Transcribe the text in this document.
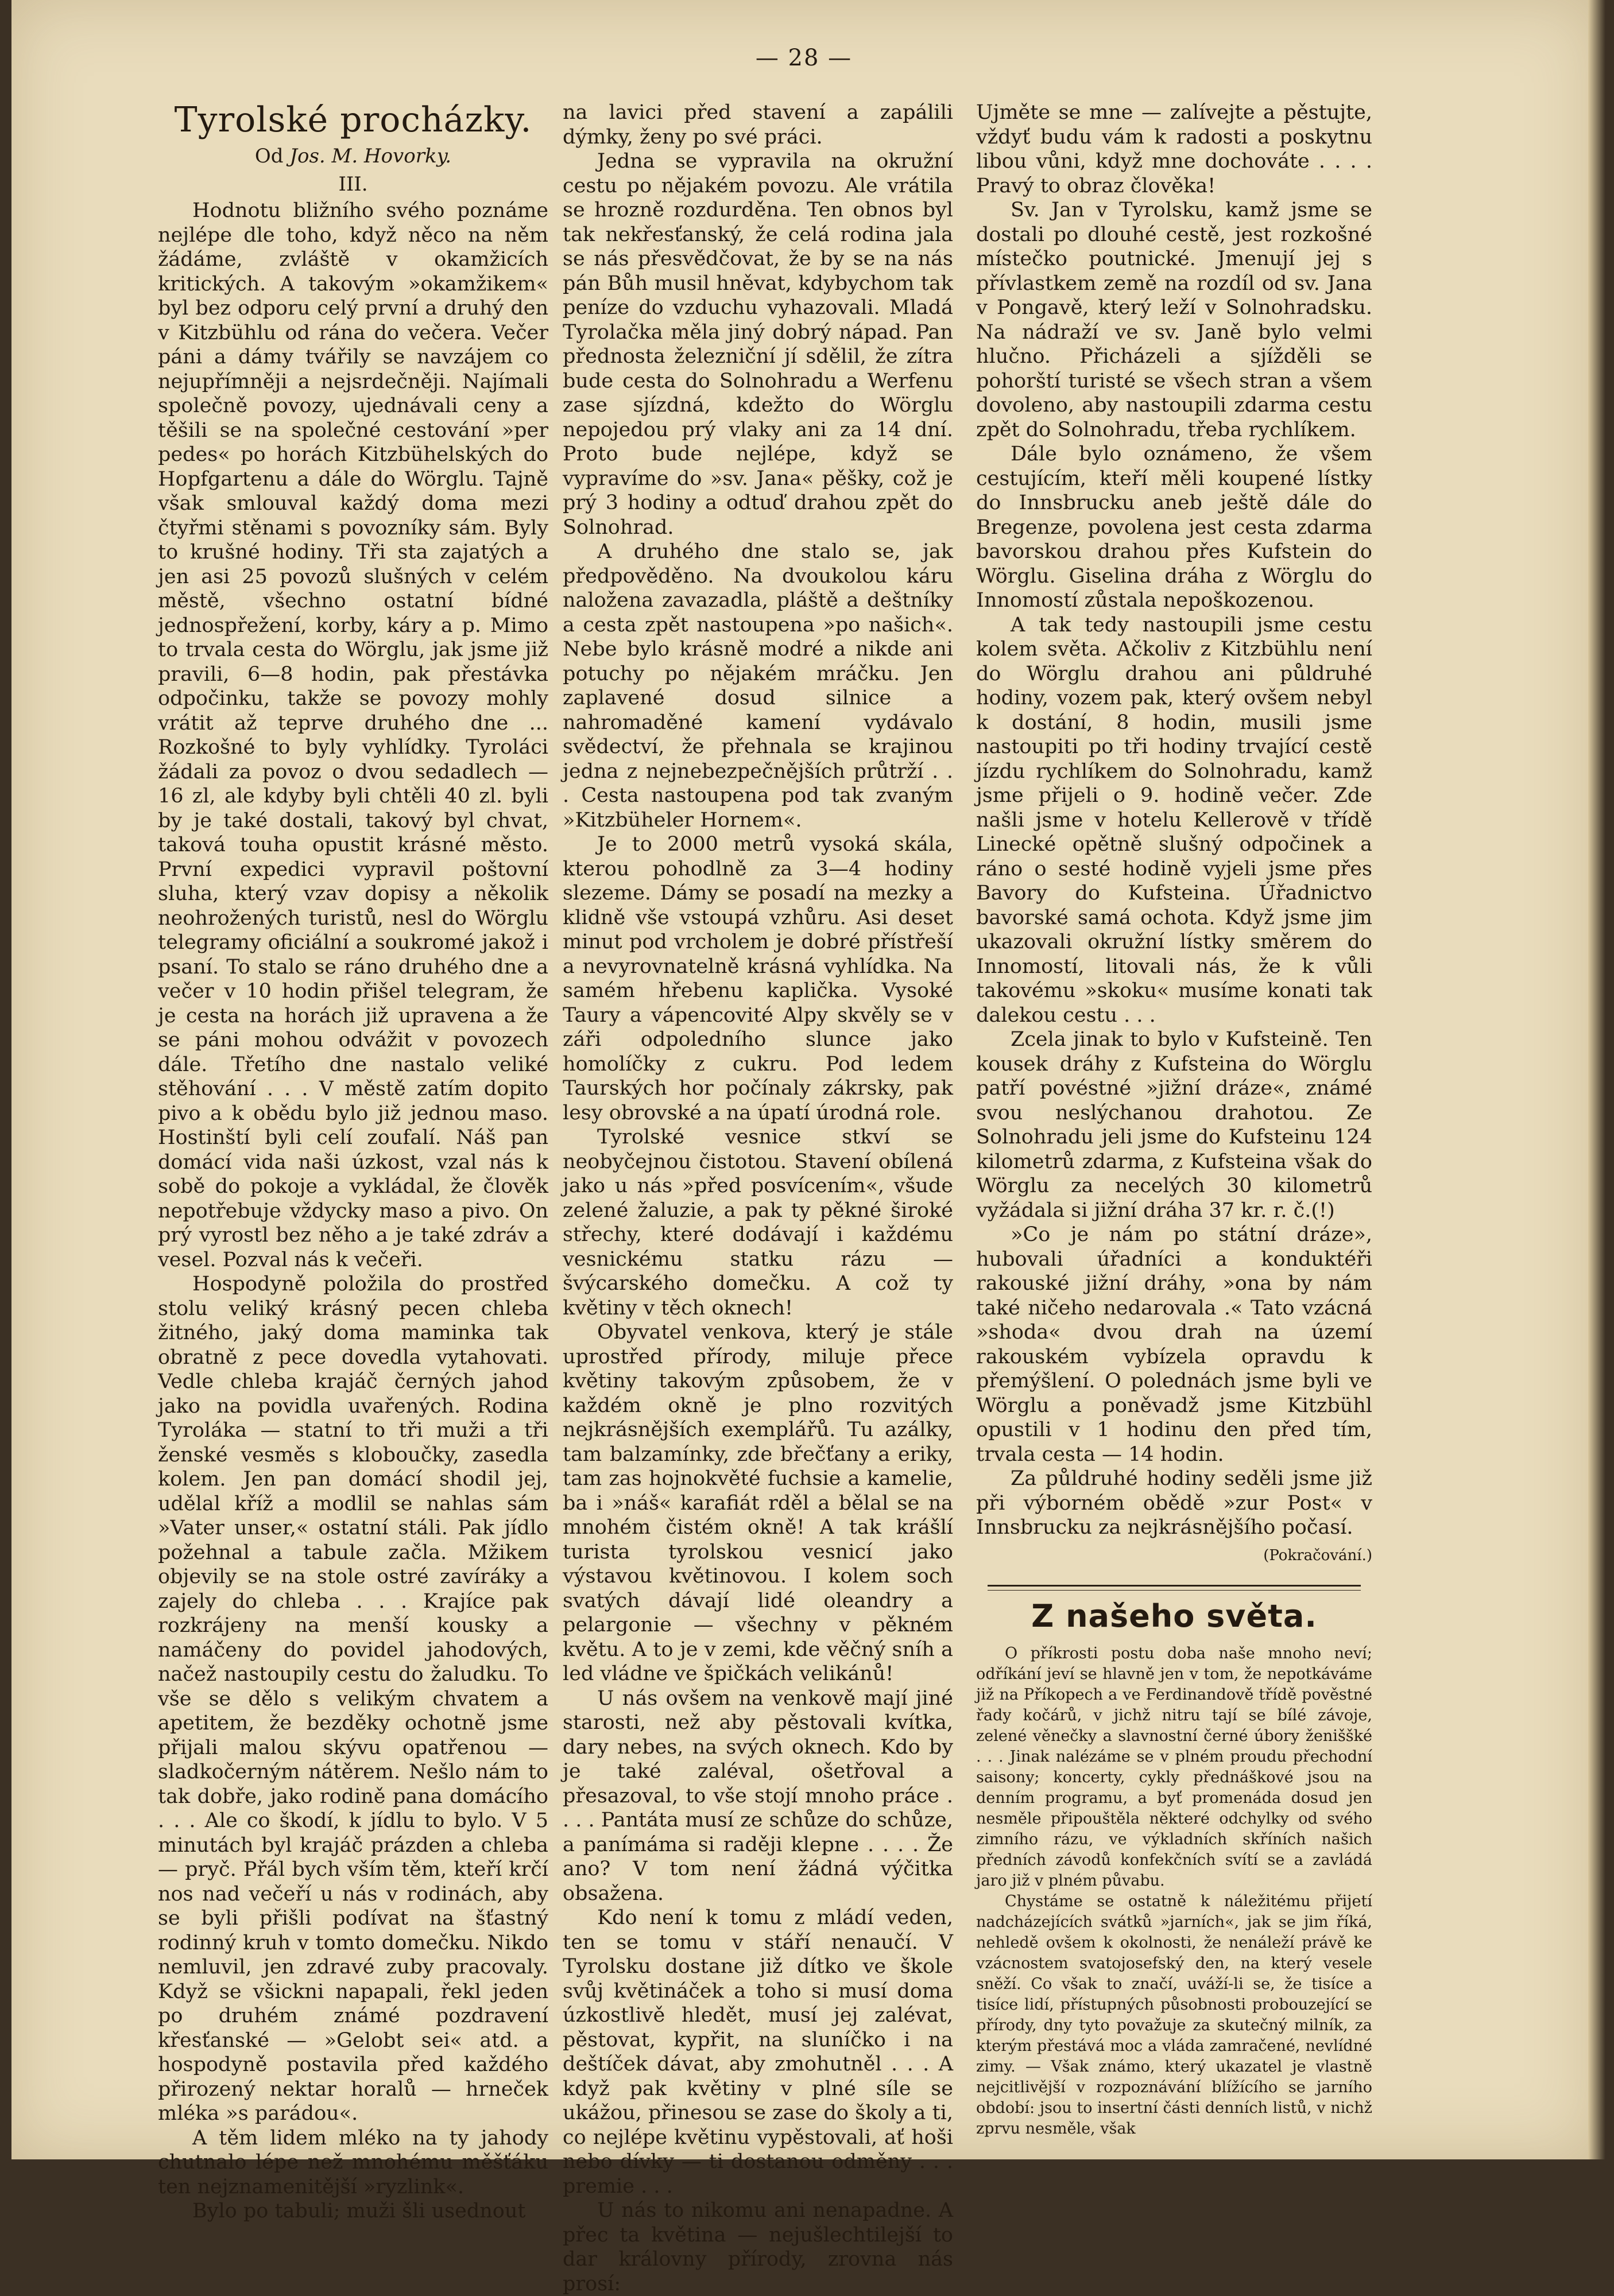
— 28 —
Tyrolské procházky.
Od Jos. M. Hovorky.
III.

Hodnotu bližního svého poznáme nejlépe dle toho, když něco na něm žádáme, zvláště v okamžicích kritických. A takovým »okamžikem« byl bez odporu celý první a druhý den v Kitzbühlu od rána do večera. Večer páni a dámy tvářily se navzájem co nejupřímněji a nejsrdečněji. Najímali společně povozy, ujednávali ceny a těšili se na společné cestování »per pedes« po horách Kitzbühelských do Hopfgartenu a dále do Wörglu. Tajně však smlouval každý doma mezi čtyřmi stěnami s povozníky sám. Byly to krušné hodiny. Tři sta zajatých a jen asi 25 povozů slušných v celém městě, všechno ostatní bídné jednospřežení, korby, káry a p. Mimo to trvala cesta do Wörglu, jak jsme již pravili, 6—8 hodin, pak přestávka odpočinku, takže se povozy mohly vrátit až teprve druhého dne ... Rozkošné to byly vyhlídky. Tyroláci žádali za povoz o dvou sedadlech — 16 zl, ale kdyby byli chtěli 40 zl. byli by je také dostali, takový byl chvat, taková touha opustit krásné město. První expedici vypravil poštovní sluha, který vzav dopisy a několik neohrožených turistů, nesl do Wörglu telegramy oficiální a soukromé jakož i psaní. To stalo se ráno druhého dne a večer v 10 hodin přišel telegram, že je cesta na horách již upravena a že se páni mohou odvážit v povozech dále. Třetího dne nastalo veliké stěhování . . . V městě zatím dopito pivo a k obědu bylo již jednou maso. Hostinští byli celí zoufalí. Náš pan domácí vida naši úzkost, vzal nás k sobě do pokoje a vykládal, že člověk nepotřebuje vždycky maso a pivo. On prý vyrostl bez něho a je také zdráv a vesel. Pozval nás k večeři.

Hospodyně položila do prostřed stolu veliký krásný pecen chleba žitného, jaký doma maminka tak obratně z pece dovedla vytahovati. Vedle chleba krajáč černých jahod jako na povidla uvařených. Rodina Tyroláka — statní to tři muži a tři ženské vesměs s kloboučky, zasedla kolem. Jen pan domácí shodil jej, udělal kříž a modlil se nahlas sám »Vater unser,« ostatní stáli. Pak jídlo požehnal a tabule začla. Mžikem objevily se na stole ostré zavíráky a zajely do chleba . . . Krajíce pak rozkrájeny na menší kousky a namáčeny do povidel jahodových, načež nastoupily cestu do žaludku. To vše se dělo s velikým chvatem a apetitem, že bezděky ochotně jsme přijali malou skývu opatřenou — sladkočerným nátěrem. Nešlo nám to tak dobře, jako rodině pana domácího . . . Ale co škodí, k jídlu to bylo. V 5 minutách byl krajáč prázden a chleba — pryč. Přál bych vším těm, kteří krčí nos nad večeří u nás v rodinách, aby se byli přišli podívat na šťastný rodinný kruh v tomto domečku. Nikdo nemluvil, jen zdravé zuby pracovaly. Když se všickni napapali, řekl jeden po druhém známé pozdravení křesťanské — »Gelobt sei« atd. a hospodyně postavila před každého přirozený nektar horalů — hrneček mléka »s parádou«.

A těm lidem mléko na ty jahody chutnalo lépe než mnohému měšťáku ten nejznamenitější »ryzlink«.

Bylo po tabuli; muži šli usednout

na lavici před stavení a zapálili dýmky, ženy po své práci.

Jedna se vypravila na okružní cestu po nějakém povozu. Ale vrátila se hrozně rozdurděna. Ten obnos byl tak nekřesťanský, že celá rodina jala se nás přesvědčovat, že by se na nás pán Bůh musil hněvat, kdybychom tak peníze do vzduchu vyhazovali. Mladá Tyrolačka měla jiný dobrý nápad. Pan přednosta železniční jí sdělil, že zítra bude cesta do Solnohradu a Werfenu zase sjízdná, kdežto do Wörglu nepojedou prý vlaky ani za 14 dní. Proto bude nejlépe, když se vypravíme do »sv. Jana« pěšky, což je prý 3 hodiny a odtuď drahou zpět do Solnohrad.

A druhého dne stalo se, jak předpověděno. Na dvoukolou káru naložena zavazadla, pláště a deštníky a cesta zpět nastoupena »po našich«. Nebe bylo krásně modré a nikde ani potuchy po nějakém mráčku. Jen zaplavené dosud silnice a nahromaděné kamení vydávalo svědectví, že přehnala se krajinou jedna z nejnebezpečnějších průtrží . . . Cesta nastoupena pod tak zvaným »Kitzbüheler Hornem«.

Je to 2000 metrů vysoká skála, kterou pohodlně za 3—4 hodiny slezeme. Dámy se posadí na mezky a klidně vše vstoupá vzhůru. Asi deset minut pod vrcholem je dobré přístřeší a nevyrovnatelně krásná vyhlídka. Na samém hřebenu kaplička. Vysoké Taury a vápencovité Alpy skvěly se v záři odpoledního slunce jako homolíčky z cukru. Pod ledem Taurských hor počínaly zákrsky, pak lesy obrovské a na úpatí úrodná role.

Tyrolské vesnice stkví se neobyčejnou čistotou. Stavení obílená jako u nás »před posvícením«, všude zelené žaluzie, a pak ty pěkné široké střechy, které dodávají i každému vesnickému statku rázu — švýcarského domečku. A což ty květiny v těch oknech!

Obyvatel venkova, který je stále uprostřed přírody, miluje přece květiny takovým způsobem, že v každém okně je plno rozvitých nejkrásnějších exemplářů. Tu azálky, tam balzamínky, zde břečťany a eriky, tam zas hojnokvěté fuchsie a kamelie, ba i »náš« karafiát rděl a bělal se na mnohém čistém okně! A tak krášlí turista tyrolskou vesnicí jako výstavou květinovou. I kolem soch svatých dávají lidé oleandry a pelargonie — všechny v pěkném květu. A to je v zemi, kde věčný sníh a led vládne ve špičkách velikánů!

U nás ovšem na venkově mají jiné starosti, než aby pěstovali kvítka, dary nebes, na svých oknech. Kdo by je také zaléval, ošetřoval a přesazoval, to vše stojí mnoho práce . . . . Pantáta musí ze schůze do schůze, a panímáma si raději klepne . . . . Že ano? V tom není žádná výčitka obsažena.

Kdo není k tomu z mládí veden, ten se tomu v stáří nenaučí. V Tyrolsku dostane již dítko ve škole svůj květináček a toho si musí doma úzkostlivě hledět, musí jej zalévat, pěstovat, kypřit, na sluníčko i na deštíček dávat, aby zmohutněl . . . A když pak květiny v plné síle se ukážou, přinesou se zase do školy a ti, co nejlépe květinu vypěstovali, ať hoši nebo dívky — ti dostanou odměny . . . premie . . .

U nás to nikomu ani nenapadne. A přec ta květina — nejušlechtilejší to dar královny přírody, zrovna nás prosí:

Ujměte se mne — zalívejte a pěstujte, vždyť budu vám k radosti a poskytnu libou vůni, když mne dochováte . . . . Pravý to obraz člověka!

Sv. Jan v Tyrolsku, kamž jsme se dostali po dlouhé cestě, jest rozkošné místečko poutnické. Jmenují jej s přívlastkem země na rozdíl od sv. Jana v Pongavě, který leží v Solnohradsku. Na nádraží ve sv. Janě bylo velmi hlučno. Přicházeli a sjížděli se pohorští turisté se všech stran a všem dovoleno, aby nastoupili zdarma cestu zpět do Solnohradu, třeba rychlíkem.

Dále bylo oznámeno, že všem cestujícím, kteří měli koupené lístky do Innsbrucku aneb ještě dále do Bregenze, povolena jest cesta zdarma bavorskou drahou přes Kufstein do Wörglu. Giselina dráha z Wörglu do Innomostí zůstala nepoškozenou.

A tak tedy nastoupili jsme cestu kolem světa. Ačkoliv z Kitzbühlu není do Wörglu drahou ani půldruhé hodiny, vozem pak, který ovšem nebyl k dostání, 8 hodin, musili jsme nastoupiti po tři hodiny trvající cestě jízdu rychlíkem do Solnohradu, kamž jsme přijeli o 9. hodině večer. Zde našli jsme v hotelu Kellerově v třídě Linecké opětně slušný odpočinek a ráno o sesté hodině vyjeli jsme přes Bavory do Kufsteina. Úřadnictvo bavorské samá ochota. Když jsme jim ukazovali okružní lístky směrem do Innomostí, litovali nás, že k vůli takovému »skoku« musíme konati tak dalekou cestu . . .

Zcela jinak to bylo v Kufsteině. Ten kousek dráhy z Kufsteina do Wörglu patří povéstné »jižní dráze«, známé svou neslýchanou drahotou. Ze Solnohradu jeli jsme do Kufsteinu 124 kilometrů zdarma, z Kufsteina však do Wörglu za necelých 30 kilometrů vyžádala si jižní dráha 37 kr. r. č.(!)

»Co je nám po státní dráze», hubovali úřadníci a konduktéři rakouské jižní dráhy, »ona by nám také ničeho nedarovala .« Tato vzácná »shoda« dvou drah na území rakouském vybízela opravdu k přemýšlení. O polednách jsme byli ve Wörglu a poněvadž jsme Kitzbühl opustili v 1 hodinu den před tím, trvala cesta — 14 hodin.

Za půldruhé hodiny seděli jsme již při výborném obědě »zur Post« v Innsbrucku za nejkrásnějšího počasí.

(Pokračování.)
Z našeho světa.

O příkrosti postu doba naše mnoho neví; odříkání jeví se hlavně jen v tom, že nepotkáváme již na Příkopech a ve Ferdinandově třídě pověstné řady kočárů, v jichž nitru tají se bílé závoje, zelené věnečky a slavnostní černé úbory ženiššké . . . Jinak nalézáme se v plném proudu přechodní saisony; koncerty, cykly přednáškové jsou na denním programu, a byť promenáda dosud jen nesměle připouštěla některé odchylky od svého zimního rázu, ve výkladních skříních našich předních závodů konfekčních svítí se a zavládá jaro již v plném půvabu.

Chystáme se ostatně k náležitému přijetí nadcházejících svátků »jarních«, jak se jim říká, nehledě ovšem k okolnosti, že nenáleží právě ke vzácnostem svatojosefský den, na který vesele sněží. Co však to značí, uváží-li se, že tisíce a tisíce lidí, přístupných působnosti probouzející se přírody, dny tyto považuje za skutečný milník, za kterým přestává moc a vláda zamračené, nevlídné zimy. — Však známo, který ukazatel je vlastně nejcitlivější v rozpoznávání blížícího se jarního období: jsou to insertní části denních listů, v nichž zprvu nesměle, však
